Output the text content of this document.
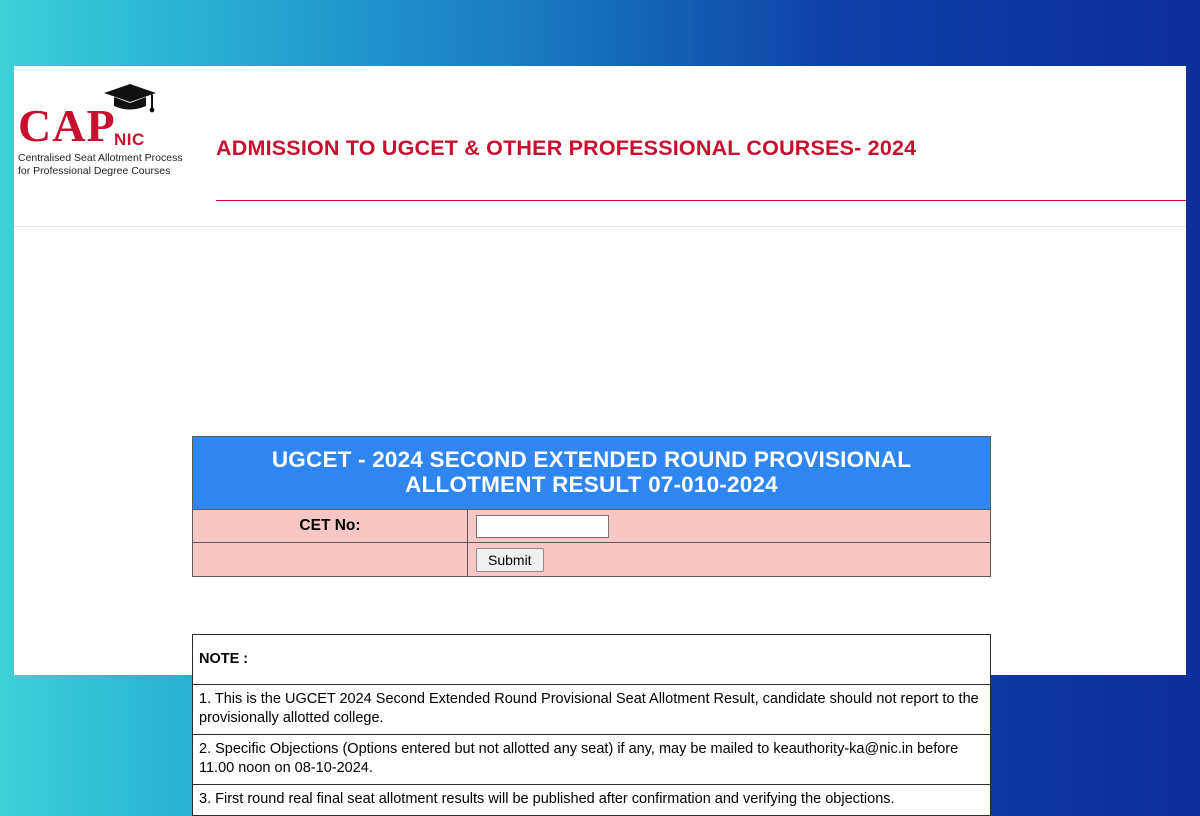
CAP
NIC
Centralised Seat Allotment Process
for Professional Degree Courses
ADMISSION TO UGCET & OTHER PROFESSIONAL COURSES- 2024
UGCET - 2024 SECOND EXTENDED ROUND PROVISIONAL
ALLOTMENT RESULT 07-010-2024	
CET No:	
	Submit
NOTE :
1. This is the UGCET 2024 Second Extended Round Provisional Seat Allotment Result, candidate should not report to the provisionally allotted college.
2. Specific Objections (Options entered but not allotted any seat) if any, may be mailed to keauthority-ka@nic.in before 11.00 noon on 08-10-2024.
3. First round real final seat allotment results will be published after confirmation and verifying the objections.
